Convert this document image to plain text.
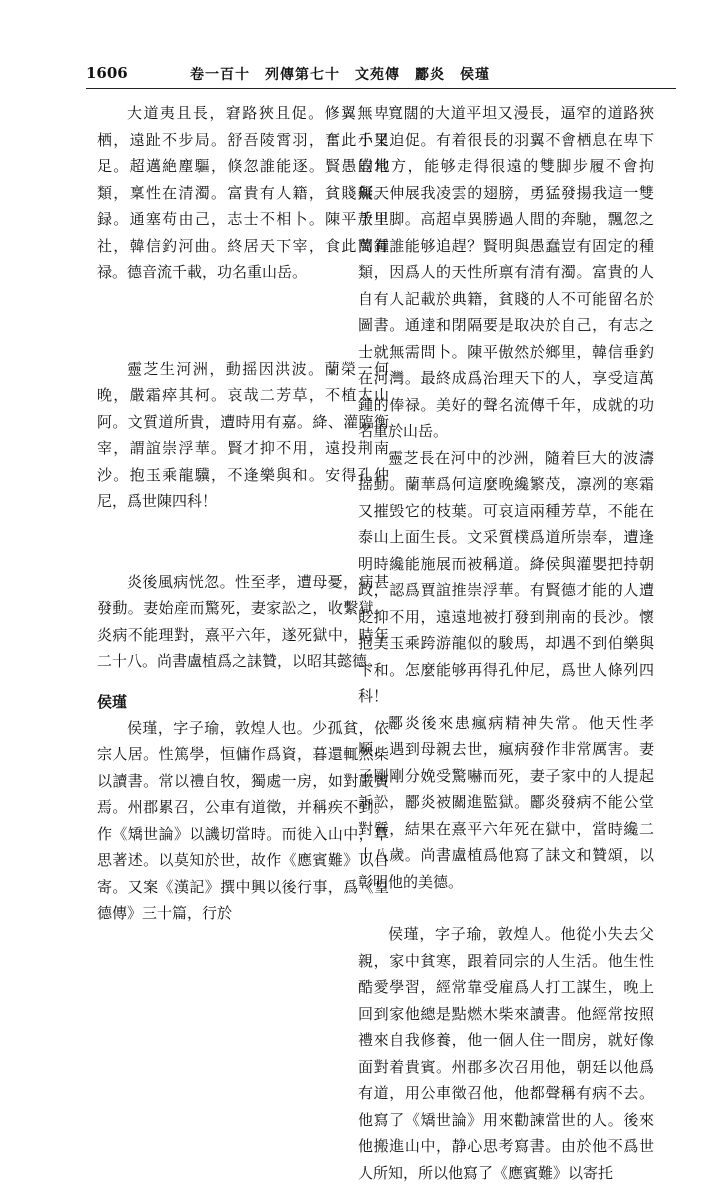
1606	卷一百十　列傳第七十　文苑傳　酈炎　侯瑾

大道夷且長，窘路狹且促。修翼無卑栖，遠趾不步局。舒吾陵霄羽，奮此千里足。超邁絶塵驅，倏忽誰能逐。賢愚豈常類，稟性在清濁。富貴有人籍，貧賤無天録。通塞苟由己，志士不相卜。陳平敖里社，韓信釣河曲。終居天下宰，食此萬鍾禄。德音流千載，功名重山岳。

靈芝生河洲，動摇因洪波。蘭榮一何晚，嚴霜瘁其柯。哀哉二芳草，不植太山阿。文質道所貴，遭時用有嘉。絳、灌臨衡宰，謂誼崇浮華。賢才抑不用，遠投荆南沙。抱玉乘龍驥，不逢樂與和。安得孔仲尼，爲世陳四科！

炎後風病恍忽。性至孝，遭母憂，病甚發動。妻始産而驚死，妻家訟之，收繫獄。炎病不能理對，熹平六年，遂死獄中，時年二十八。尚書盧植爲之誄贊，以昭其懿德。

侯瑾

侯瑾，字子瑜，敦煌人也。少孤貧，依宗人居。性篤學，恒傭作爲資，暮還輒然柴以讀書。常以禮自牧，獨處一房，如對嚴賓焉。州郡累召，公車有道徵，并稱疾不到。作《矯世論》以譏切當時。而徙入山中，覃思著述。以莫知於世，故作《應賓難》以自寄。又案《漢記》撰中興以後行事，爲《皇德傳》三十篇，行於

寬闊的大道平坦又漫長，逼窄的道路狹小又迫促。有着很長的羽翼不會栖息在卑下的地方，能够走得很遠的雙脚步履不會拘礙。伸展我凌雲的翅膀，勇猛發揚我這一雙千里脚。高超卓異勝過人間的奔馳，飄忽之間有誰能够追趕？賢明與愚蠢豈有固定的種類，因爲人的天性所禀有清有濁。富貴的人自有人記載於典籍，貧賤的人不可能留名於圖書。通達和閉隔要是取决於自己，有志之士就無需問卜。陳平傲然於鄉里，韓信垂釣在河灣。最終成爲治理天下的人，享受這萬鍾的俸禄。美好的聲名流傳千年，成就的功名重於山岳。

靈芝長在河中的沙洲，隨着巨大的波濤摇動。蘭華爲何這麼晚纔繁茂，凛冽的寒霜又摧毁它的枝葉。可哀這兩種芳草，不能在泰山上面生長。文采質樸爲道所崇奉，遭逢明時纔能施展而被稱道。絳侯與灌嬰把持朝政，認爲賈誼推崇浮華。有賢德才能的人遭貶抑不用，遠遠地被打發到荆南的長沙。懷抱美玉乘跨游龍似的駿馬，却遇不到伯樂與卞和。怎麼能够再得孔仲尼，爲世人條列四科！

酈炎後來患瘋病精神失常。他天性孝順，遇到母親去世，瘋病發作非常厲害。妻子剛剛分娩受驚嚇而死，妻子家中的人提起訴訟，酈炎被關進監獄。酈炎發病不能公堂對質，結果在熹平六年死在獄中，當時纔二十八歲。尚書盧植爲他寫了誄文和贊頌，以彰明他的美德。

侯瑾，字子瑜，敦煌人。他從小失去父親，家中貧寒，跟着同宗的人生活。他生性酷愛學習，經常靠受雇爲人打工謀生，晚上回到家他總是點燃木柴來讀書。他經常按照禮來自我修養，他一個人住一間房，就好像面對着貴賓。州郡多次召用他，朝廷以他爲有道，用公車徵召他，他都聲稱有病不去。他寫了《矯世論》用來勸諫當世的人。後來他搬進山中，静心思考寫書。由於他不爲世人所知，所以他寫了《應賓難》以寄托
